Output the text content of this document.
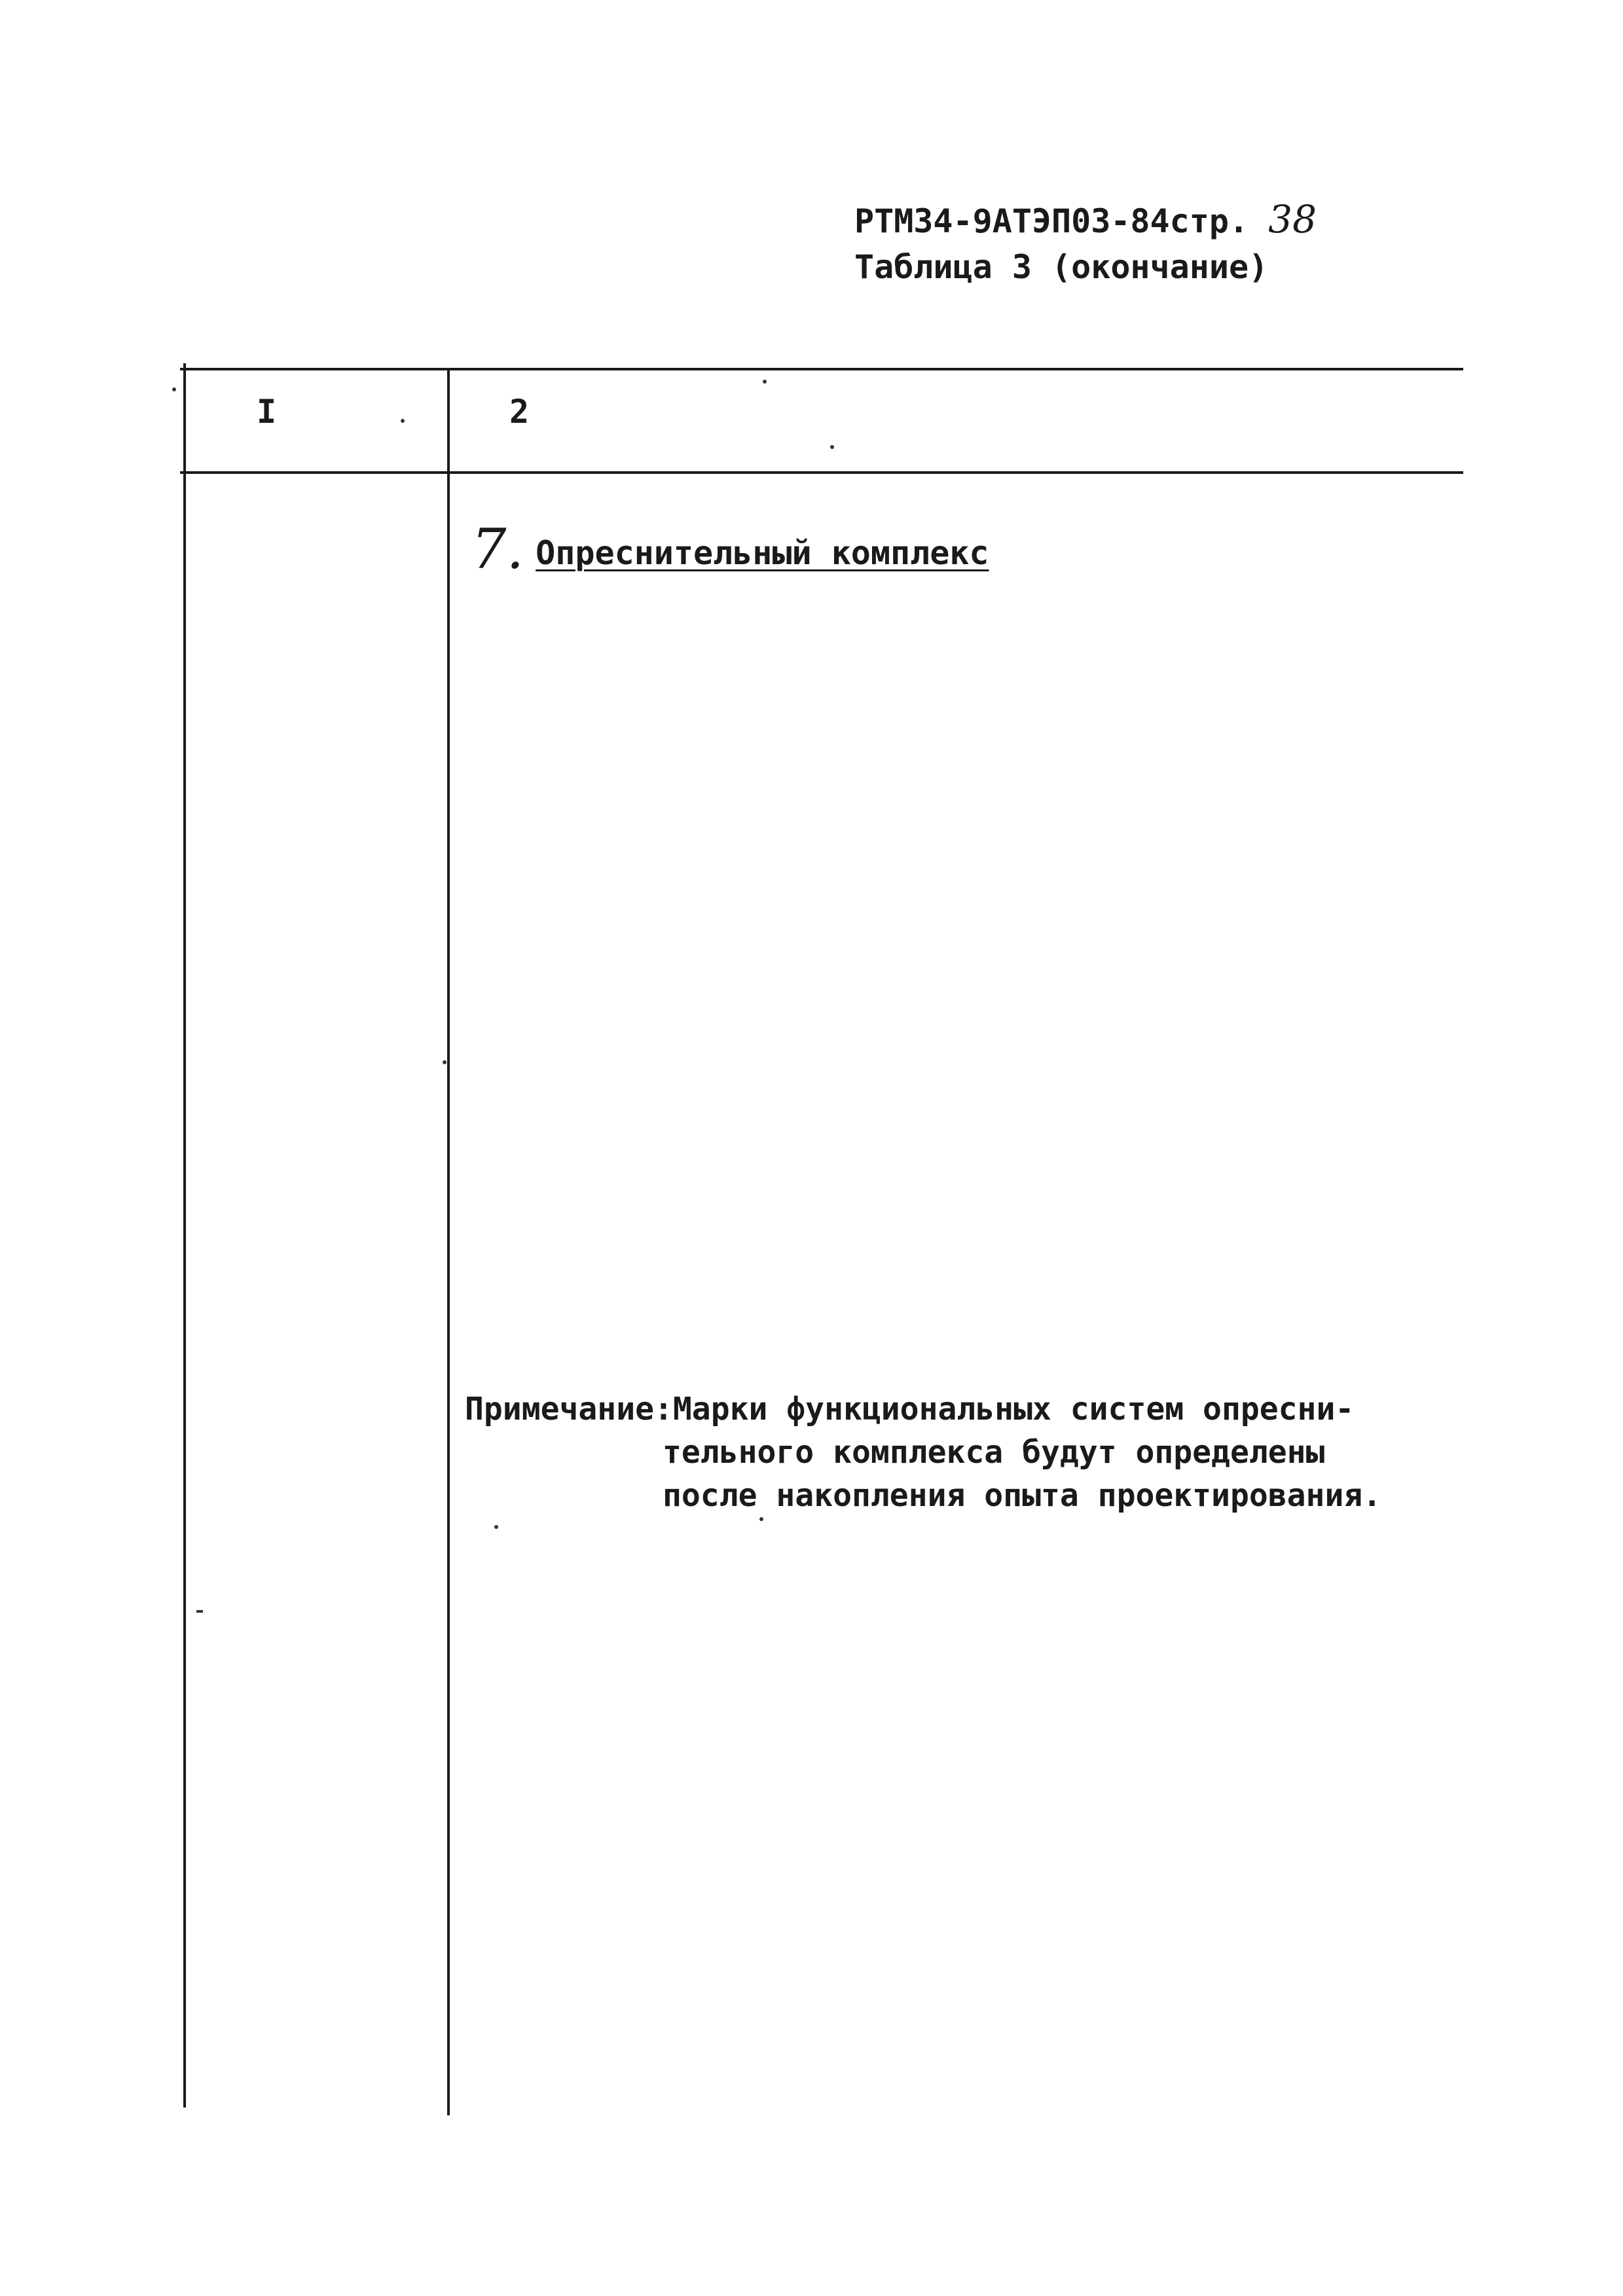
РТМ34-9АТЭП03-84стр. 38
Таблица 3 (окончание)
I	2
7. Опреснительный комплекс
Примечание:Марки функциональных систем опресни-
тельного комплекса будут определены
после накопления опыта проектирования.
